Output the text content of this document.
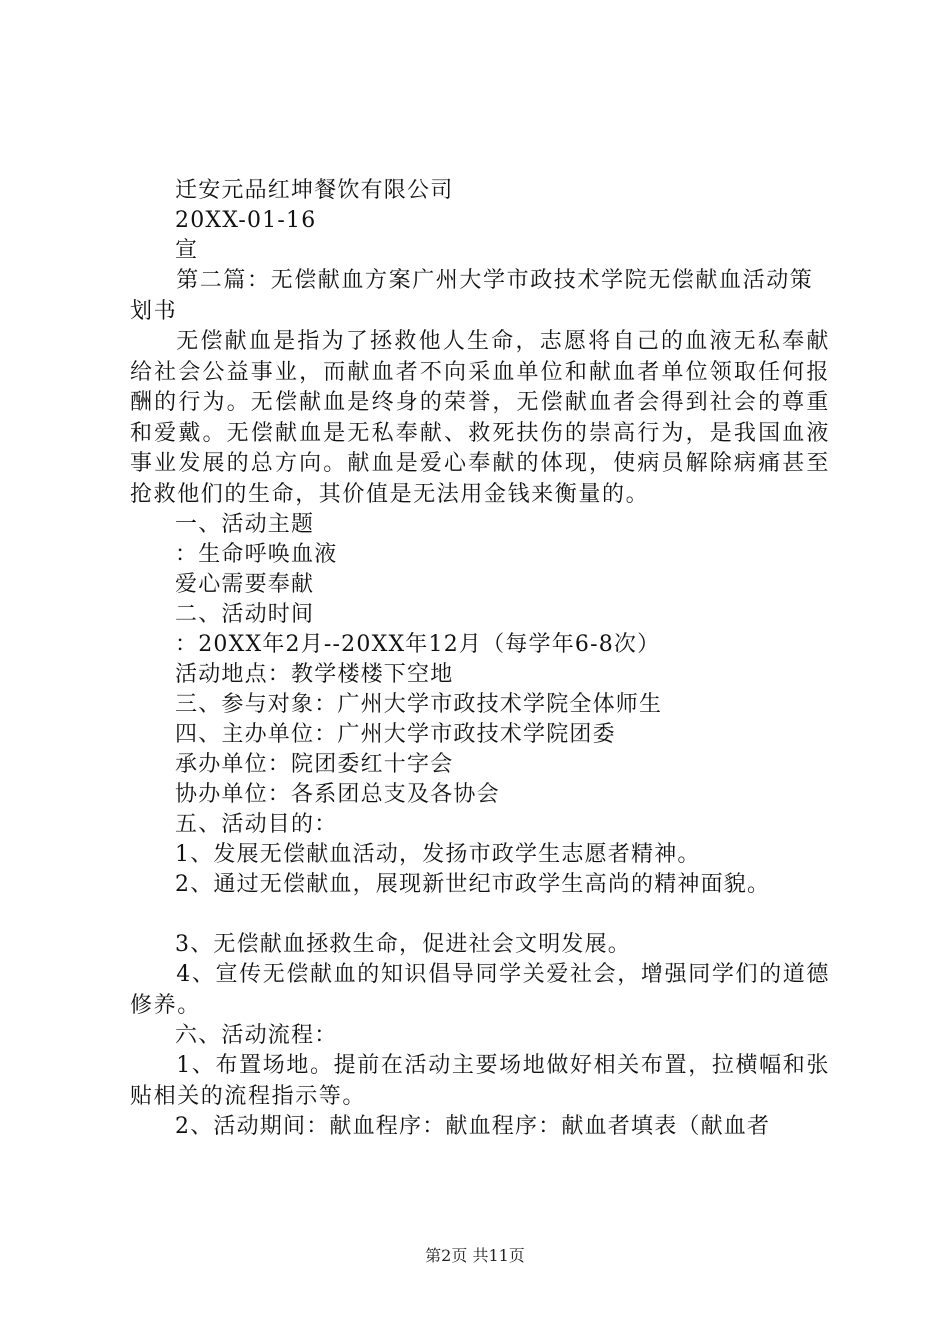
迁安元品红坤餐饮有限公司
20XX-01-16
宣
第二篇：无偿献血方案广州大学市政技术学院无偿献血活动策划书
无偿献血是指为了拯救他人生命，志愿将自己的血液无私奉献给社会公益事业，而献血者不向采血单位和献血者单位领取任何报酬的行为。无偿献血是终身的荣誉，无偿献血者会得到社会的尊重和爱戴。无偿献血是无私奉献、救死扶伤的崇高行为，是我国血液事业发展的总方向。献血是爱心奉献的体现，使病员解除病痛甚至抢救他们的生命，其价值是无法用金钱来衡量的。
一、活动主题
：生命呼唤血液
爱心需要奉献
二、活动时间
：20XX年2月--20XX年12月（每学年6-8次）
活动地点：教学楼楼下空地
三、参与对象：广州大学市政技术学院全体师生
四、主办单位：广州大学市政技术学院团委
承办单位：院团委红十字会
协办单位：各系团总支及各协会
五、活动目的：
1、发展无偿献血活动，发扬市政学生志愿者精神。
2、通过无偿献血，展现新世纪市政学生高尚的精神面貌。
3、无偿献血拯救生命，促进社会文明发展。
4、宣传无偿献血的知识倡导同学关爱社会，增强同学们的道德修养。
六、活动流程：
1、布置场地。提前在活动主要场地做好相关布置，拉横幅和张贴相关的流程指示等。
2、活动期间：献血程序：献血程序：献血者填表（献血者
第2页 共11页
